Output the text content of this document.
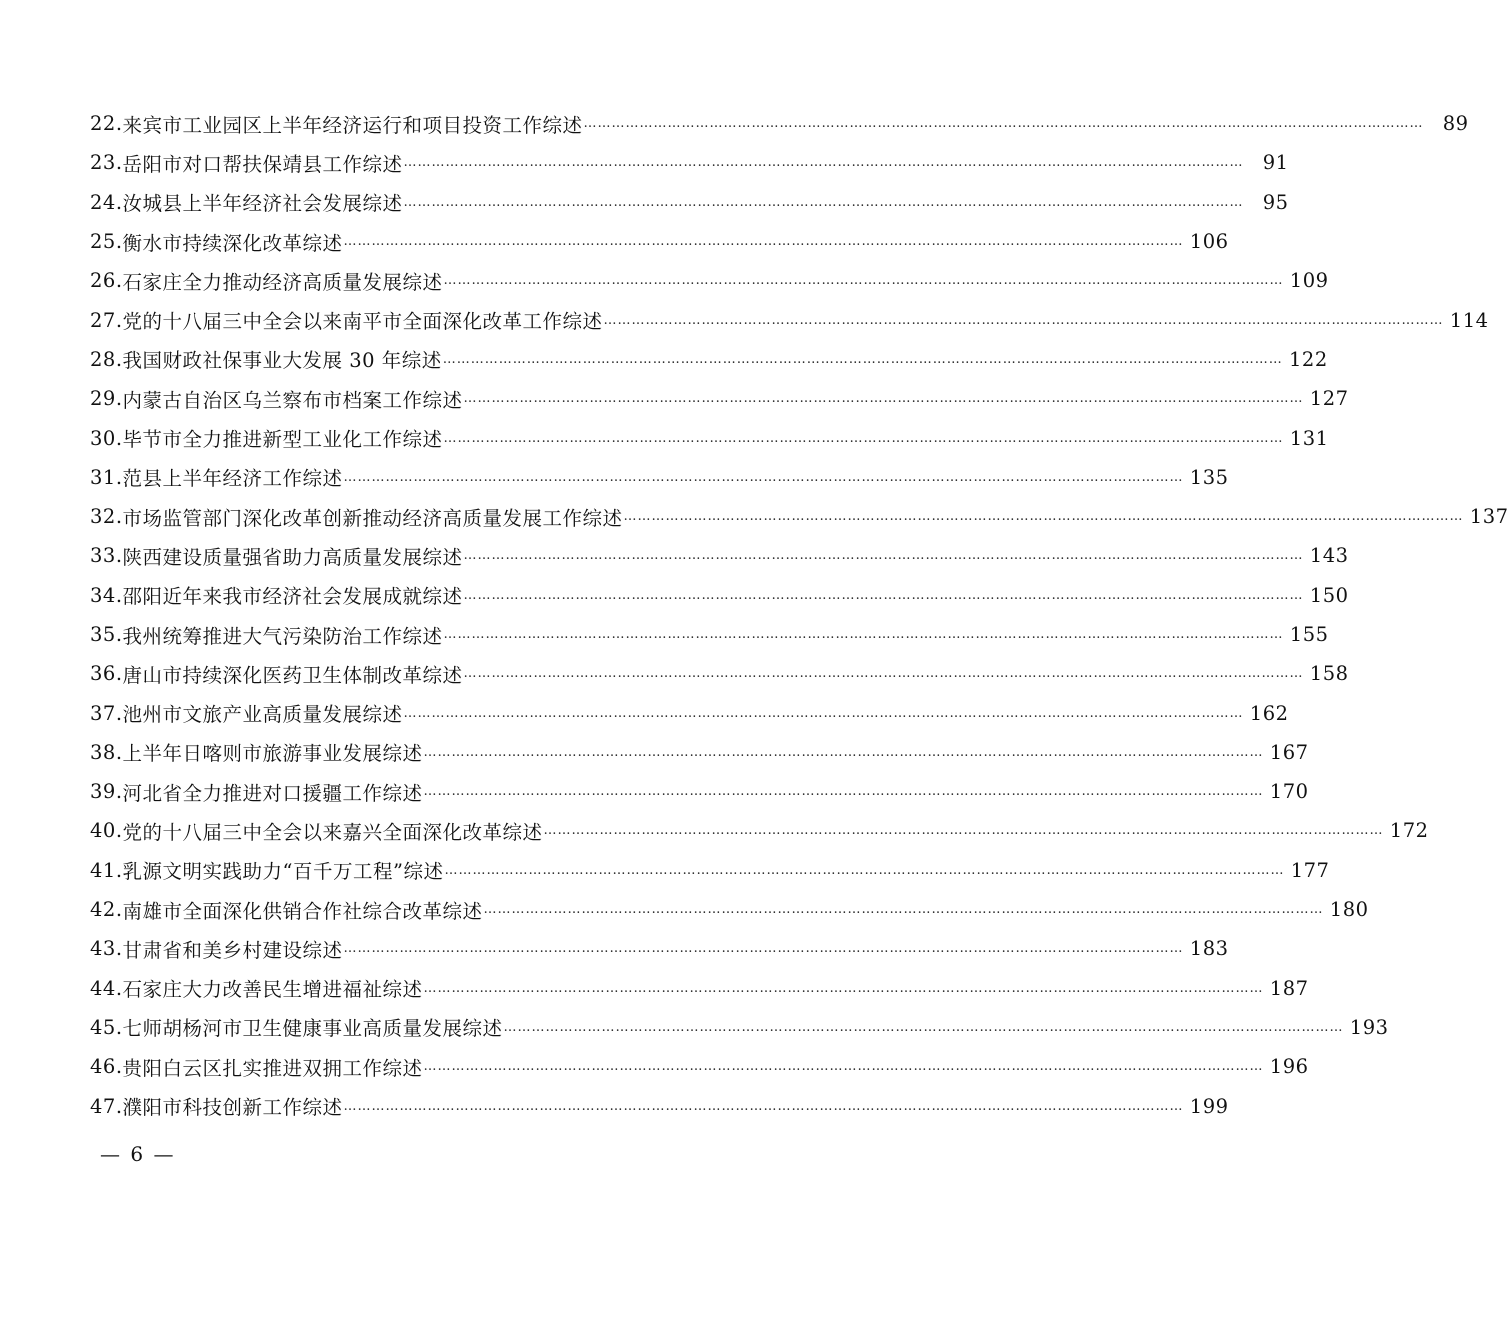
22. 来宾市工业园区上半年经济运行和项目投资工作综述 ……………………………………………………………………………………………………………………………………………………………… 89
23. 岳阳市对口帮扶保靖县工作综述 ……………………………………………………………………………………………………………………………………………………………… 91
24. 汝城县上半年经济社会发展综述 ……………………………………………………………………………………………………………………………………………………………… 95
25. 衡水市持续深化改革综述 ……………………………………………………………………………………………………………………………………………………………… 106
26. 石家庄全力推动经济高质量发展综述 ……………………………………………………………………………………………………………………………………………………………… 109
27. 党的十八届三中全会以来南平市全面深化改革工作综述 ……………………………………………………………………………………………………………………………………………………………… 114
28. 我国财政社保事业大发展 30 年综述 ……………………………………………………………………………………………………………………………………………………………… 122
29. 内蒙古自治区乌兰察布市档案工作综述 ……………………………………………………………………………………………………………………………………………………………… 127
30. 毕节市全力推进新型工业化工作综述 ……………………………………………………………………………………………………………………………………………………………… 131
31. 范县上半年经济工作综述 ……………………………………………………………………………………………………………………………………………………………… 135
32. 市场监管部门深化改革创新推动经济高质量发展工作综述 ……………………………………………………………………………………………………………………………………………………………… 137
33. 陕西建设质量强省助力高质量发展综述 ……………………………………………………………………………………………………………………………………………………………… 143
34. 邵阳近年来我市经济社会发展成就综述 ……………………………………………………………………………………………………………………………………………………………… 150
35. 我州统筹推进大气污染防治工作综述 ……………………………………………………………………………………………………………………………………………………………… 155
36. 唐山市持续深化医药卫生体制改革综述 ……………………………………………………………………………………………………………………………………………………………… 158
37. 池州市文旅产业高质量发展综述 ……………………………………………………………………………………………………………………………………………………………… 162
38. 上半年日喀则市旅游事业发展综述 ……………………………………………………………………………………………………………………………………………………………… 167
39. 河北省全力推进对口援疆工作综述 ……………………………………………………………………………………………………………………………………………………………… 170
40. 党的十八届三中全会以来嘉兴全面深化改革综述 ……………………………………………………………………………………………………………………………………………………………… 172
41. 乳源文明实践助力“百千万工程”综述 ……………………………………………………………………………………………………………………………………………………………… 177
42. 南雄市全面深化供销合作社综合改革综述 ……………………………………………………………………………………………………………………………………………………………… 180
43. 甘肃省和美乡村建设综述 ……………………………………………………………………………………………………………………………………………………………… 183
44. 石家庄大力改善民生增进福祉综述 ……………………………………………………………………………………………………………………………………………………………… 187
45. 七师胡杨河市卫生健康事业高质量发展综述 ……………………………………………………………………………………………………………………………………………………………… 193
46. 贵阳白云区扎实推进双拥工作综述 ……………………………………………………………………………………………………………………………………………………………… 196
47. 濮阳市科技创新工作综述 ……………………………………………………………………………………………………………………………………………………………… 199
— 6 —
